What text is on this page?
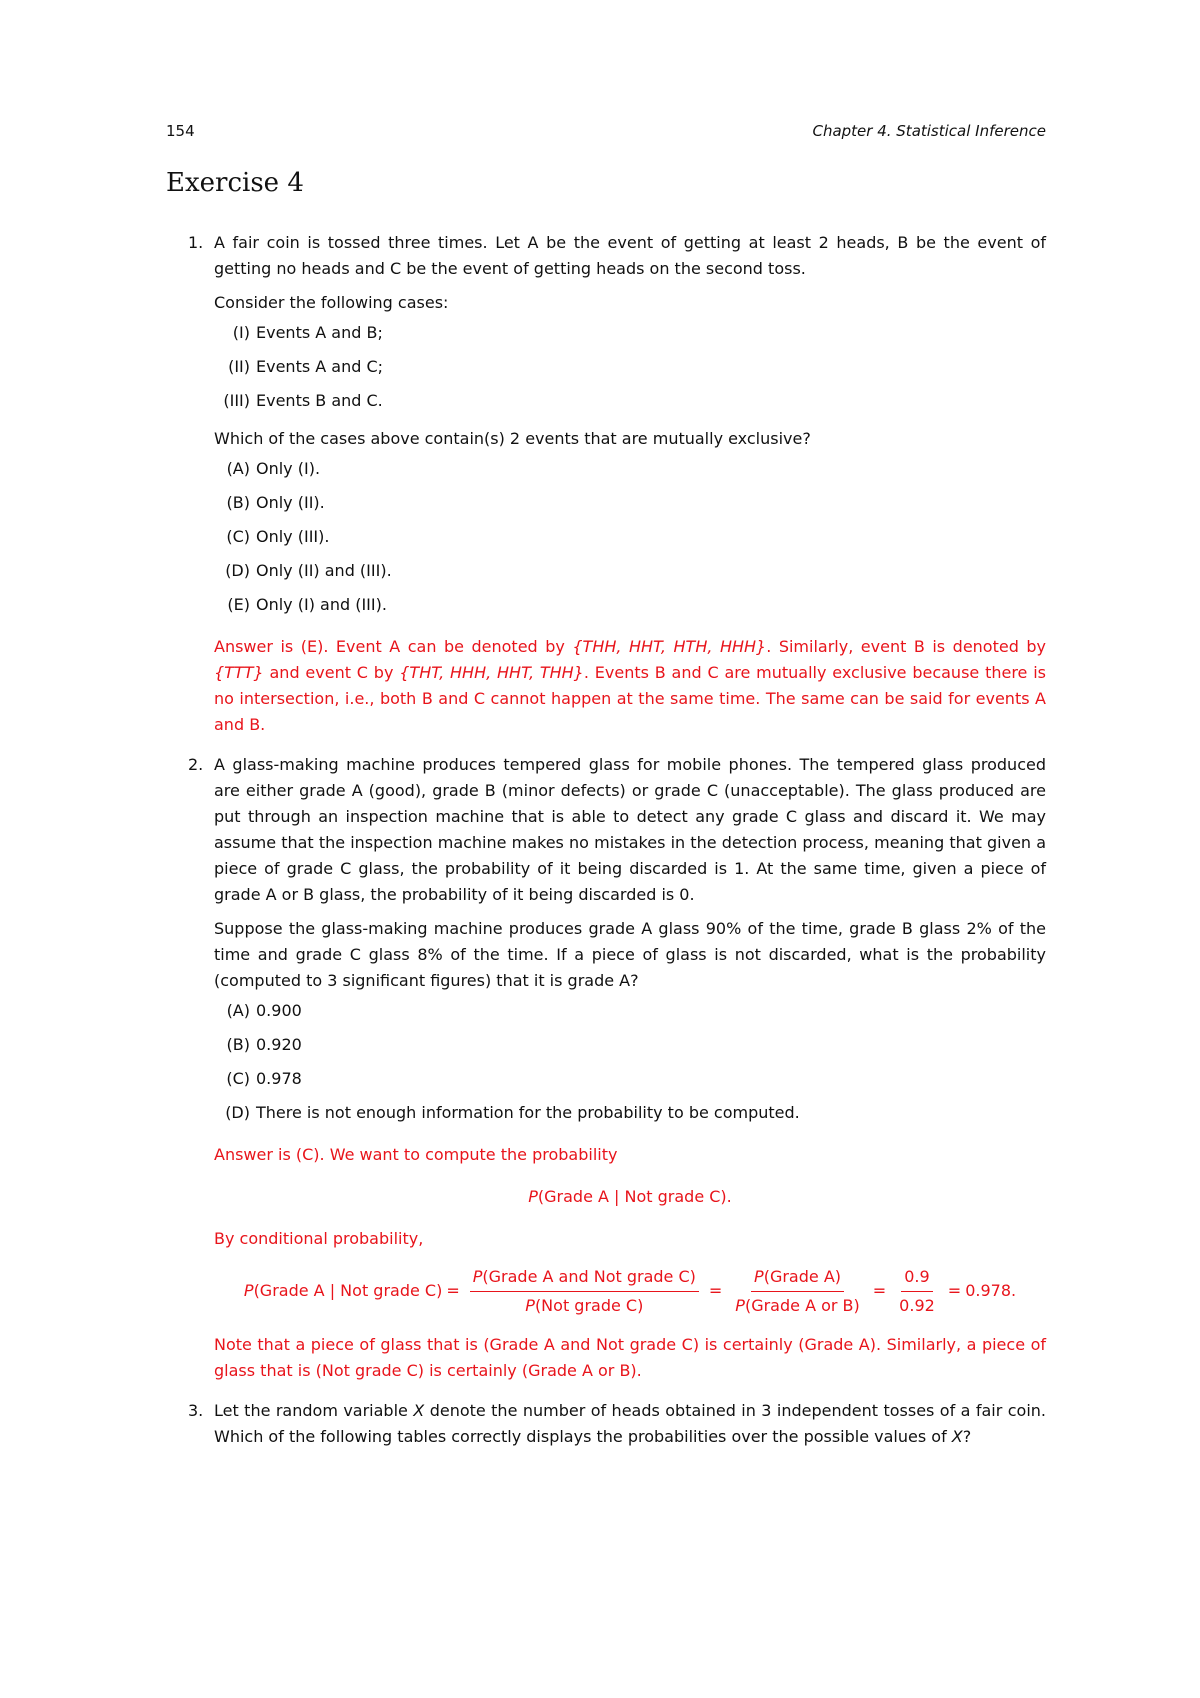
154	Chapter 4. Statistical Inference
Exercise 4
1. A fair coin is tossed three times. Let A be the event of getting at least 2 heads, B be the event of getting no heads and C be the event of getting heads on the second toss.

Consider the following cases:

(I) Events A and B;
(II) Events A and C;
(III) Events B and C.

Which of the cases above contain(s) 2 events that are mutually exclusive?

(A) Only (I).
(B) Only (II).
(C) Only (III).
(D) Only (II) and (III).
(E) Only (I) and (III).

Answer is (E). Event A can be denoted by {THH, HHT, HTH, HHH}. Similarly, event B is denoted by {TTT} and event C by {THT, HHH, HHT, THH}. Events B and C are mutually exclusive because there is no intersection, i.e., both B and C cannot happen at the same time. The same can be said for events A and B.

2. A glass-making machine produces tempered glass for mobile phones. The tempered glass produced are either grade A (good), grade B (minor defects) or grade C (unacceptable). The glass produced are put through an inspection machine that is able to detect any grade C glass and discard it. We may assume that the inspection machine makes no mistakes in the detection process, meaning that given a piece of grade C glass, the probability of it being discarded is 1. At the same time, given a piece of grade A or B glass, the probability of it being discarded is 0.

Suppose the glass-making machine produces grade A glass 90% of the time, grade B glass 2% of the time and grade C glass 8% of the time. If a piece of glass is not discarded, what is the probability (computed to 3 significant figures) that it is grade A?

(A) 0.900
(B) 0.920
(C) 0.978
(D) There is not enough information for the probability to be computed.

Answer is (C). We want to compute the probability

P(Grade A | Not grade C).

By conditional probability,

P(Grade A | Not grade $C) = \frac{\text{P(Grade A and Not grade C)}}{\text{P(Not grade C)}} = \frac{\text{P(Grade A)}}{\text{P(Grade A or B)}} = \frac{0.9}{0.92} = 0.978$.

Note that a piece of glass that is (Grade A and Not grade C) is certainly (Grade A). Similarly, a piece of glass that is (Not grade C) is certainly (Grade A or B).

3. Let the random variable X denote the number of heads obtained in 3 independent tosses of a fair coin. Which of the following tables correctly displays the probabilities over the possible values of X?
